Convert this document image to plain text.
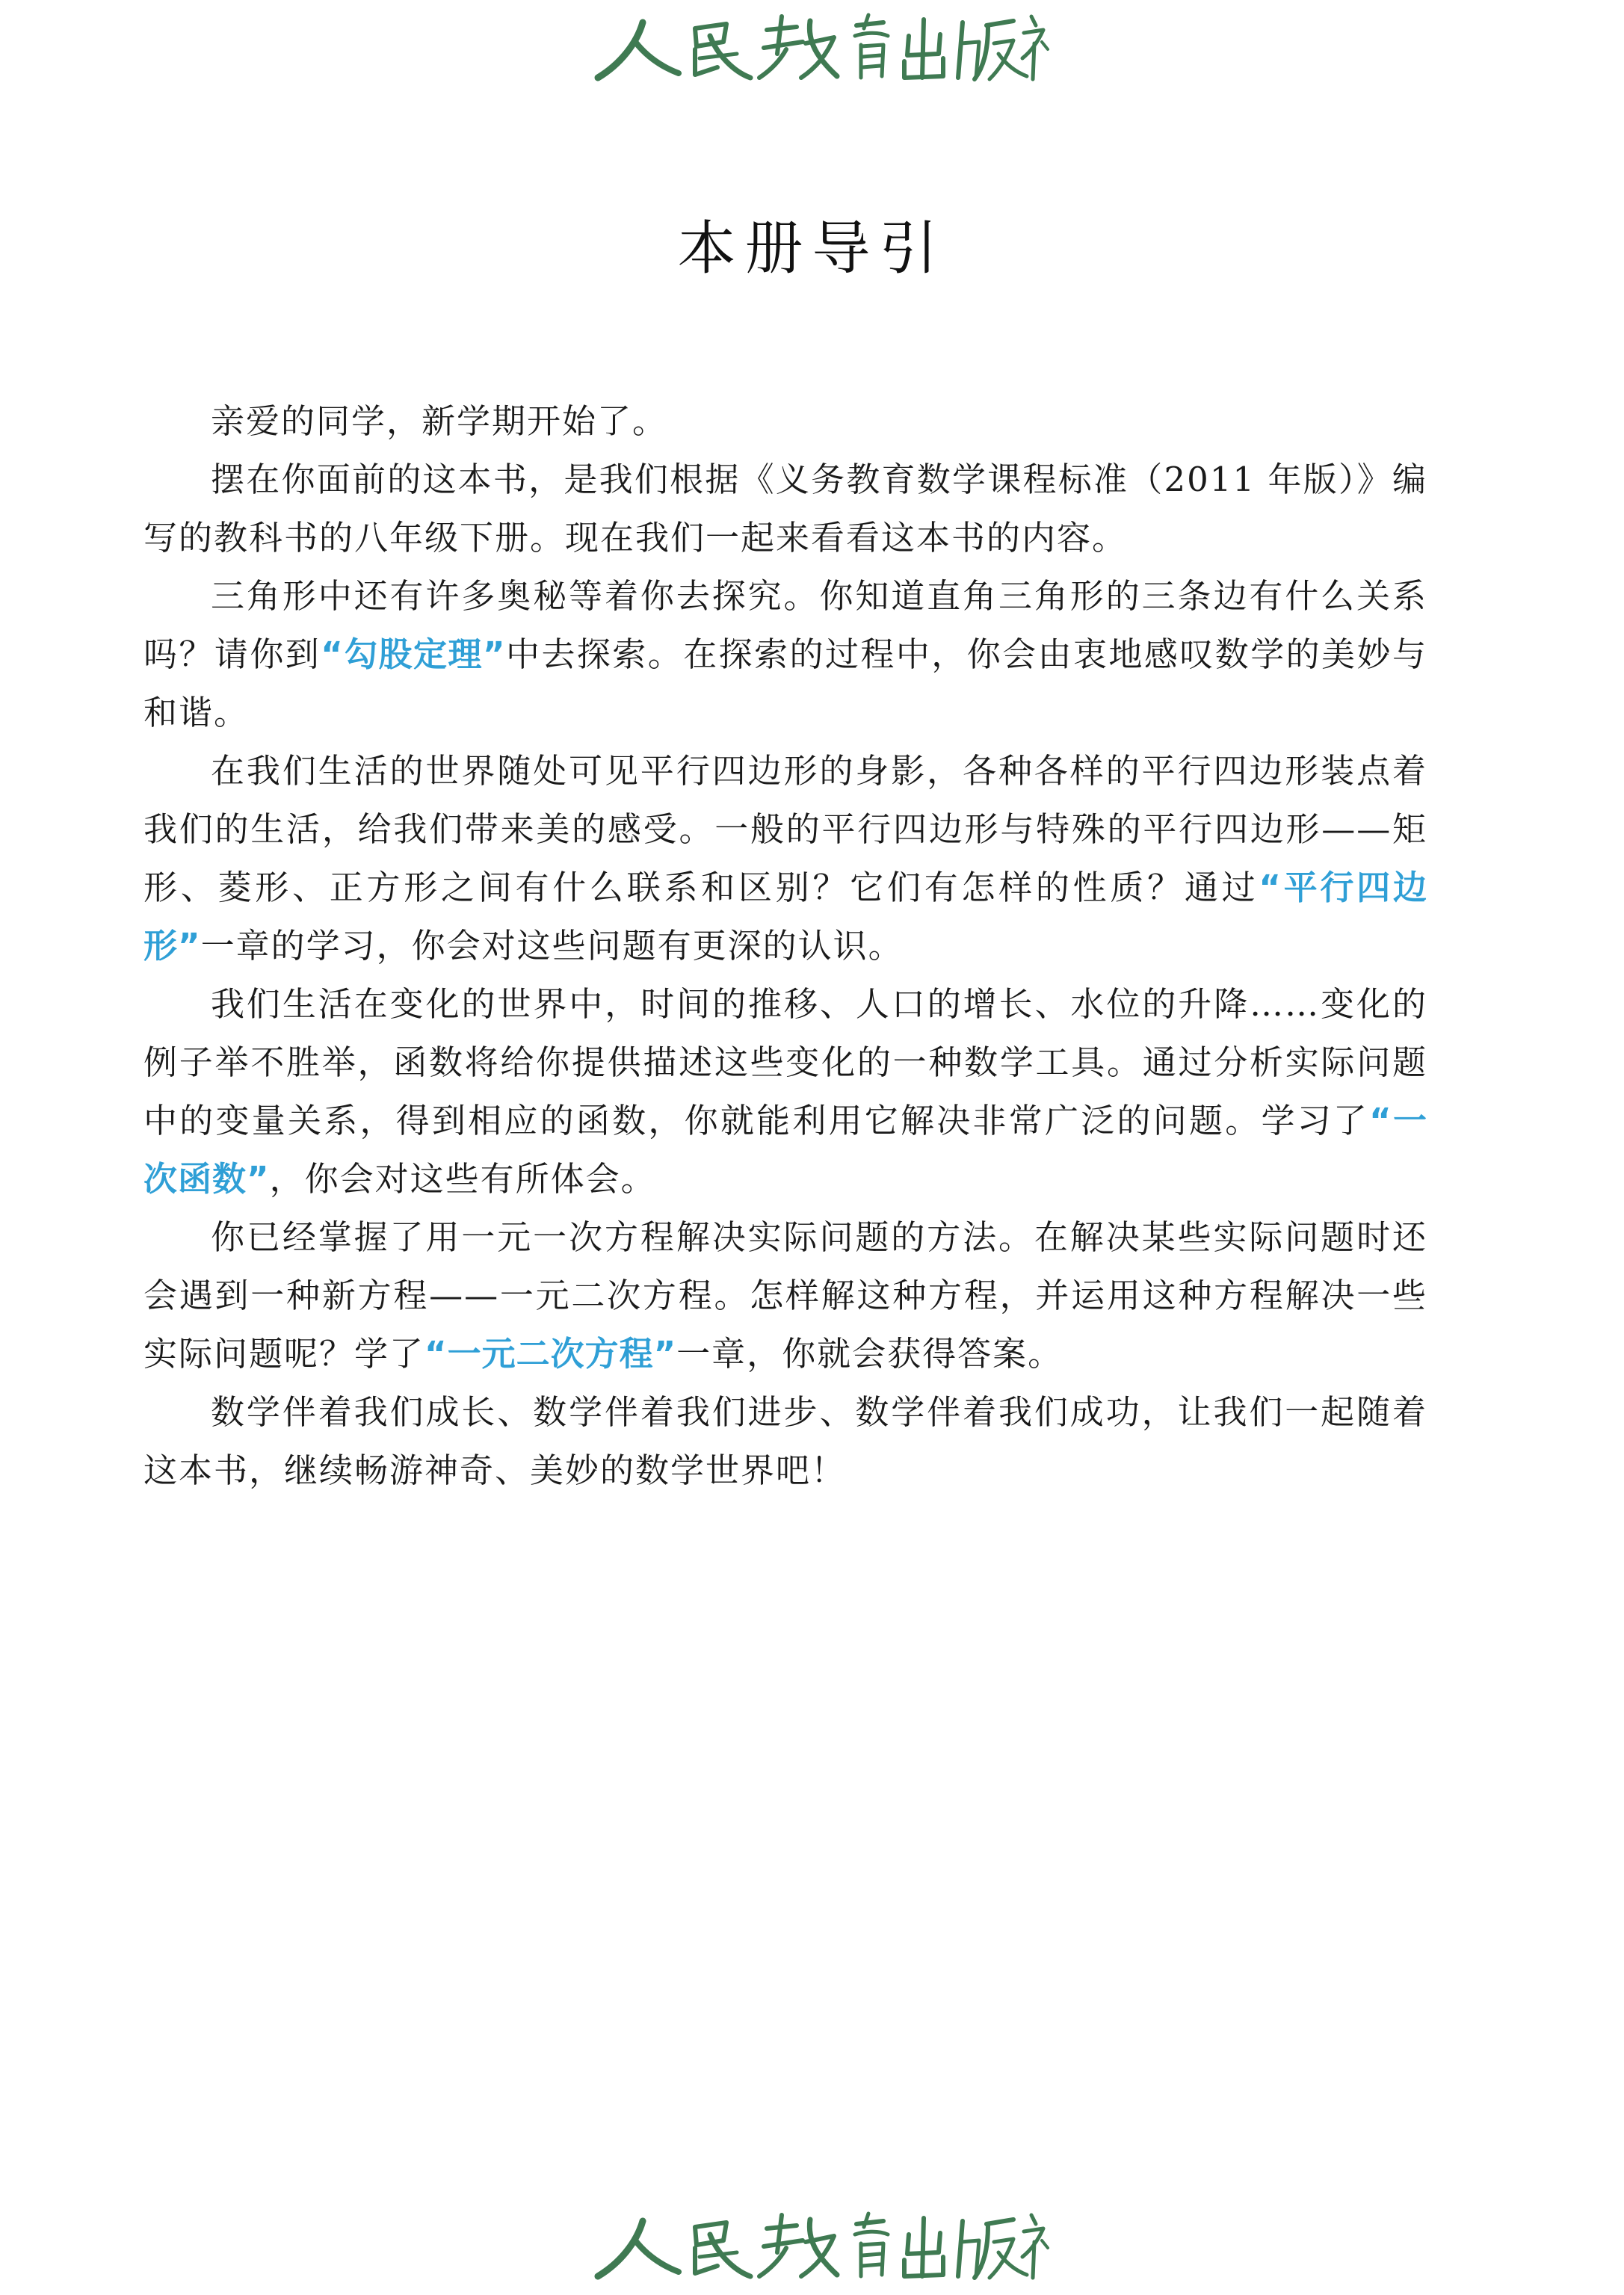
本册导引

亲爱的同学，新学期开始了。

摆在你面前的这本书，是我们根据《义务教育数学课程标准（2011 年版）》编写的教科书的八年级下册。现在我们一起来看看这本书的内容。

三角形中还有许多奥秘等着你去探究。你知道直角三角形的三条边有什么关系吗？请你到“勾股定理”中去探索。在探索的过程中，你会由衷地感叹数学的美妙与和谐。

在我们生活的世界随处可见平行四边形的身影，各种各样的平行四边形装点着我们的生活，给我们带来美的感受。一般的平行四边形与特殊的平行四边形——矩形、菱形、正方形之间有什么联系和区别？它们有怎样的性质？通过“平行四边形”一章的学习，你会对这些问题有更深的认识。

我们生活在变化的世界中，时间的推移、人口的增长、水位的升降……变化的例子举不胜举，函数将给你提供描述这些变化的一种数学工具。通过分析实际问题中的变量关系，得到相应的函数，你就能利用它解决非常广泛的问题。学习了“一次函数”，你会对这些有所体会。

你已经掌握了用一元一次方程解决实际问题的方法。在解决某些实际问题时还会遇到一种新方程——一元二次方程。怎样解这种方程，并运用这种方程解决一些实际问题呢？学了“一元二次方程”一章，你就会获得答案。

数学伴着我们成长、数学伴着我们进步、数学伴着我们成功，让我们一起随着这本书，继续畅游神奇、美妙的数学世界吧！
